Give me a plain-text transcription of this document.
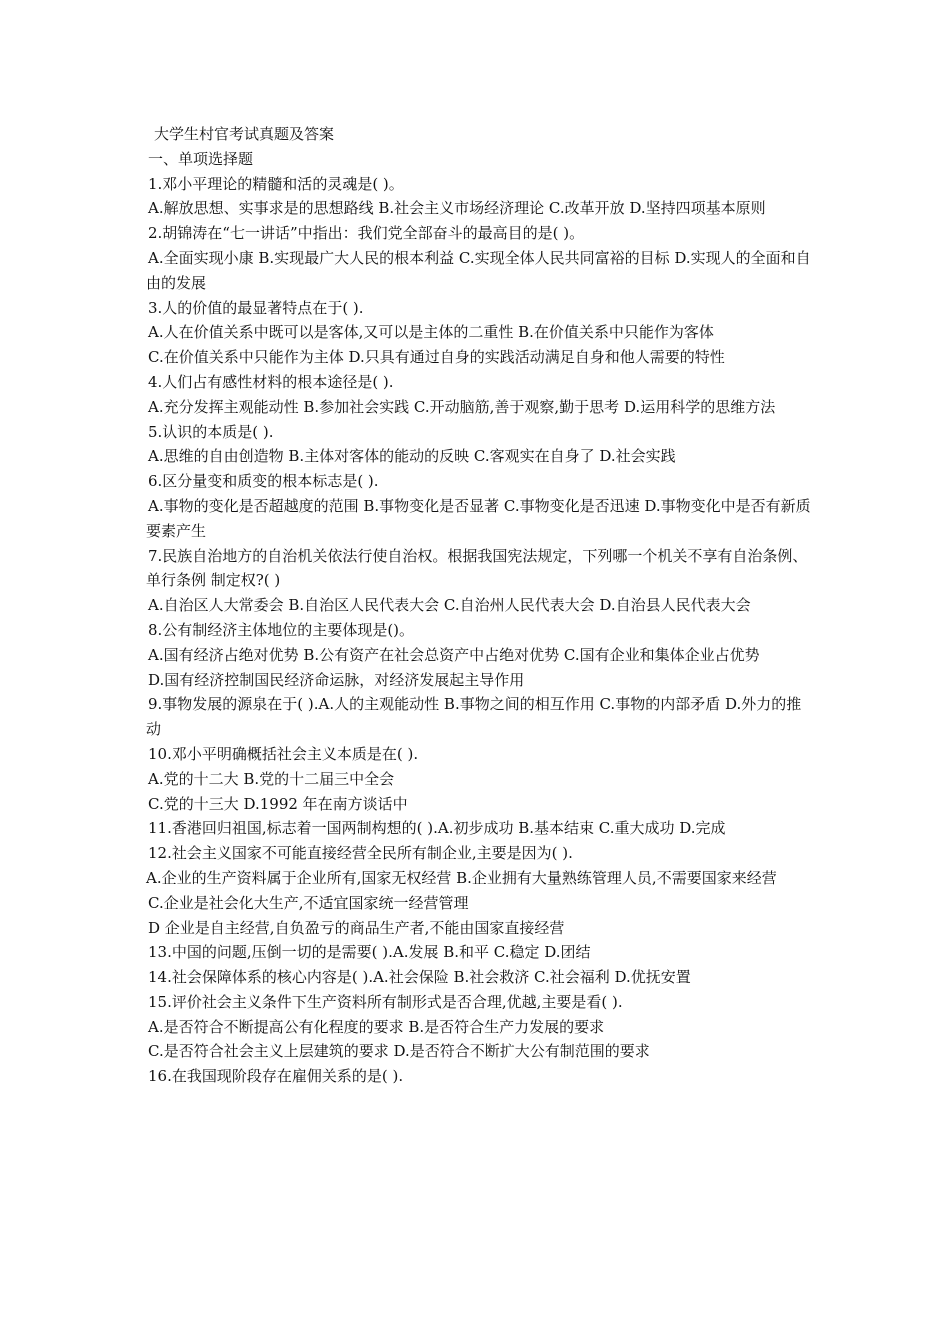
大学生村官考试真题及答案

一、单项选择题

1.邓小平理论的精髓和活的灵魂是( )。

A.解放思想、实事求是的思想路线 B.社会主义市场经济理论 C.改革开放 D.坚持四项基本原则

2.胡锦涛在“七一讲话”中指出：我们党全部奋斗的最高目的是( )。

A.全面实现小康 B.实现最广大人民的根本利益 C.实现全体人民共同富裕的目标 D.实现人的全面和自由的发展

3.人的价值的最显著特点在于( ).

A.人在价值关系中既可以是客体,又可以是主体的二重性 B.在价值关系中只能作为客体

C.在价值关系中只能作为主体 D.只具有通过自身的实践活动满足自身和他人需要的特性

4.人们占有感性材料的根本途径是( ).

A.充分发挥主观能动性 B.参加社会实践 C.开动脑筋,善于观察,勤于思考 D.运用科学的思维方法

5.认识的本质是( ).

A.思维的自由创造物 B.主体对客体的能动的反映 C.客观实在自身了 D.社会实践

6.区分量变和质变的根本标志是( ).

A.事物的变化是否超越度的范围 B.事物变化是否显著 C.事物变化是否迅速 D.事物变化中是否有新质要素产生

7.民族自治地方的自治机关依法行使自治权。根据我国宪法规定，下列哪一个机关不享有自治条例、单行条例 制定权?( )

A.自治区人大常委会 B.自治区人民代表大会 C.自治州人民代表大会 D.自治县人民代表大会

8.公有制经济主体地位的主要体现是()。

A.国有经济占绝对优势 B.公有资产在社会总资产中占绝对优势 C.国有企业和集体企业占优势

D.国有经济控制国民经济命运脉，对经济发展起主导作用

9.事物发展的源泉在于( ).A.人的主观能动性 B.事物之间的相互作用 C.事物的内部矛盾 D.外力的推动

10.邓小平明确概括社会主义本质是在( ).

A.党的十二大 B.党的十二届三中全会

C.党的十三大 D.1992 年在南方谈话中

11.香港回归祖国,标志着一国两制构想的( ).A.初步成功 B.基本结束 C.重大成功 D.完成

12.社会主义国家不可能直接经营全民所有制企业,主要是因为( ).

A.企业的生产资料属于企业所有,国家无权经营 B.企业拥有大量熟练管理人员,不需要国家来经营

C.企业是社会化大生产,不适宜国家统一经营管理

D 企业是自主经营,自负盈亏的商品生产者,不能由国家直接经营

13.中国的问题,压倒一切的是需要( ).A.发展 B.和平 C.稳定 D.团结

14.社会保障体系的核心内容是( ).A.社会保险 B.社会救济 C.社会福利 D.优抚安置

15.评价社会主义条件下生产资料所有制形式是否合理,优越,主要是看( ).

A.是否符合不断提高公有化程度的要求 B.是否符合生产力发展的要求

C.是否符合社会主义上层建筑的要求 D.是否符合不断扩大公有制范围的要求

16.在我国现阶段存在雇佣关系的是( ).
